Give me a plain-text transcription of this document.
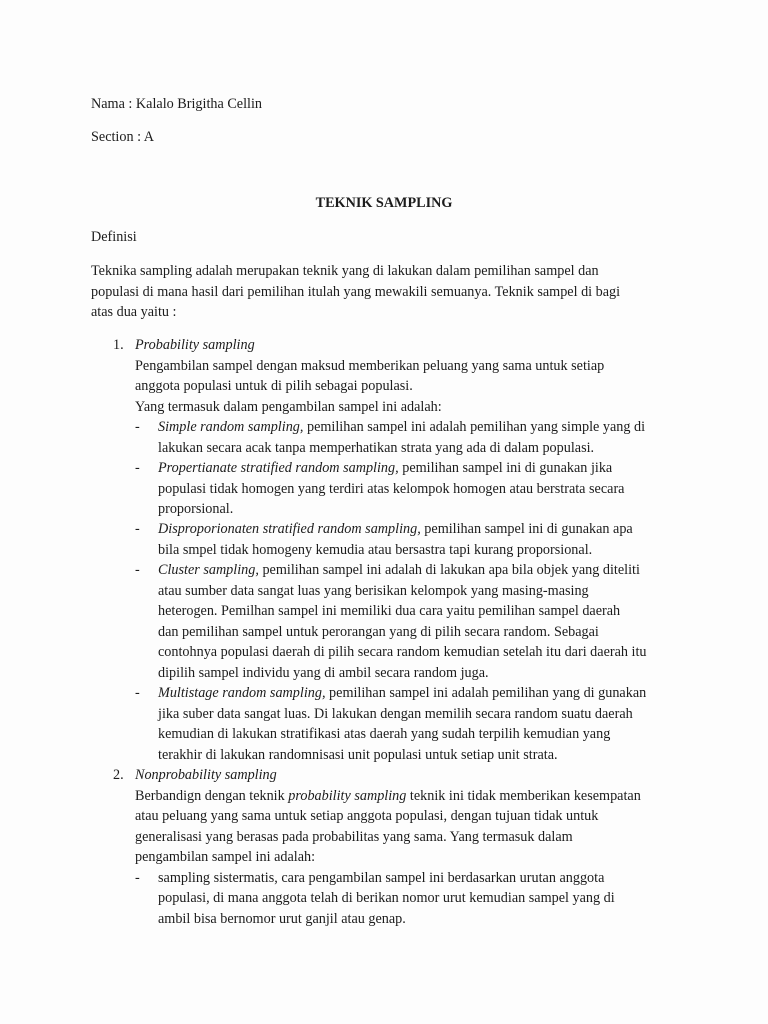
Nama : Kalalo Brigitha Cellin
Section : A
TEKNIK SAMPLING
Definisi
Teknika sampling adalah merupakan teknik yang di lakukan dalam pemilihan sampel dan
populasi di mana hasil dari pemilihan itulah yang mewakili semuanya. Teknik sampel di bagi
atas dua yaitu :
1. Probability sampling
Pengambilan sampel dengan maksud memberikan peluang yang sama untuk setiap
anggota populasi untuk di pilih sebagai populasi.
Yang termasuk dalam pengambilan sampel ini adalah:
- Simple random sampling, pemilihan sampel ini adalah pemilihan yang simple yang di
lakukan secara acak tanpa memperhatikan strata yang ada di dalam populasi.
- Propertianate stratified random sampling, pemilihan sampel ini di gunakan jika
populasi tidak homogen yang terdiri atas kelompok homogen atau berstrata secara
proporsional.
- Disproporionaten stratified random sampling, pemilihan sampel ini di gunakan apa
bila smpel tidak homogeny kemudia atau bersastra tapi kurang proporsional.
- Cluster sampling, pemilihan sampel ini adalah di lakukan apa bila objek yang diteliti
atau sumber data sangat luas yang berisikan kelompok yang masing-masing
heterogen. Pemilhan sampel ini memiliki dua cara yaitu pemilihan sampel daerah
dan pemilihan sampel untuk perorangan yang di pilih secara random. Sebagai
contohnya populasi daerah di pilih secara random kemudian setelah itu dari daerah itu
dipilih sampel individu yang di ambil secara random juga.
- Multistage random sampling, pemilihan sampel ini adalah pemilihan yang di gunakan
jika suber data sangat luas. Di lakukan dengan memilih secara random suatu daerah
kemudian di lakukan stratifikasi atas daerah yang sudah terpilih kemudian yang
terakhir di lakukan randomnisasi unit populasi untuk setiap unit strata.
2. Nonprobability sampling
Berbandign dengan teknik probability sampling teknik ini tidak memberikan kesempatan
atau peluang yang sama untuk setiap anggota populasi, dengan tujuan tidak untuk
generalisasi yang berasas pada probabilitas yang sama. Yang termasuk dalam
pengambilan sampel ini adalah:
- sampling sistermatis, cara pengambilan sampel ini berdasarkan urutan anggota
populasi, di mana anggota telah di berikan nomor urut kemudian sampel yang di
ambil bisa bernomor urut ganjil atau genap.
